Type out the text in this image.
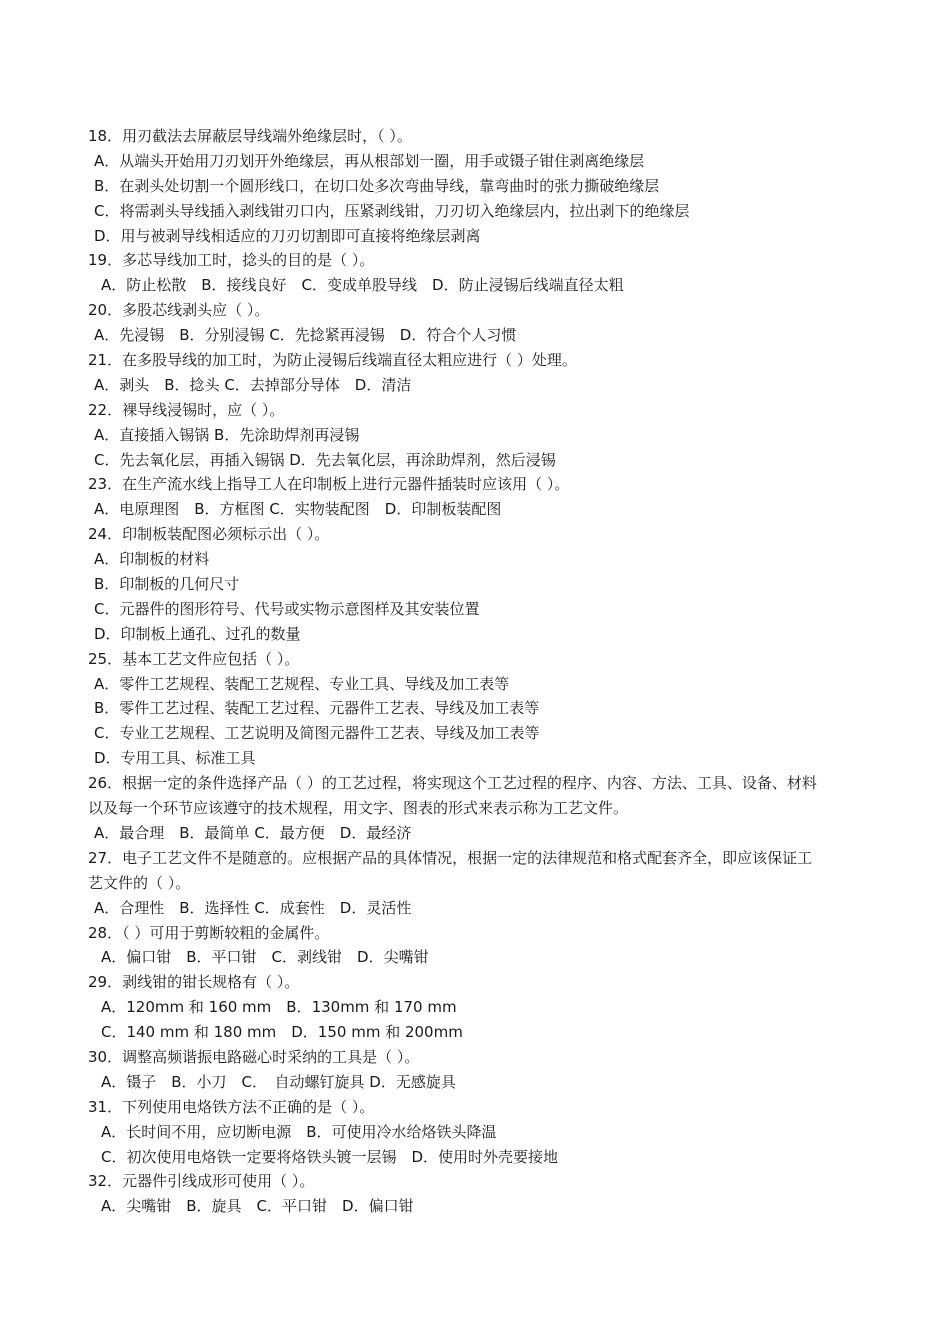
18．用刃截法去屏蔽层导线端外绝缘层时，（ ）。
A．从端头开始用刀刃划开外绝缘层，再从根部划一圈，用手或镊子钳住剥离绝缘层
B．在剥头处切割一个圆形线口，在切口处多次弯曲导线，靠弯曲时的张力撕破绝缘层
C．将需剥头导线插入剥线钳刃口内，压紧剥线钳，刀刃切入绝缘层内，拉出剥下的绝缘层
D．用与被剥导线相适应的刀刃切割即可直接将绝缘层剥离
19．多芯导线加工时，捻头的目的是（ ）。
A．防止松散　B．接线良好　C．变成单股导线　D．防止浸锡后线端直径太粗
20．多股芯线剥头应（ ）。
A．先浸锡　B．分别浸锡 C．先捻紧再浸锡　D．符合个人习惯
21．在多股导线的加工时，为防止浸锡后线端直径太粗应进行（ ）处理。
A．剥头　B．捻头 C．去掉部分导体　D．清洁
22．裸导线浸锡时，应（ ）。
A．直接插入锡锅 B．先涂助焊剂再浸锡
C．先去氧化层，再插入锡锅 D．先去氧化层，再涂助焊剂，然后浸锡
23．在生产流水线上指导工人在印制板上进行元器件插装时应该用（ ）。
A．电原理图　B．方框图 C．实物装配图　D．印制板装配图
24．印制板装配图必须标示出（ ）。
A．印制板的材料
B．印制板的几何尺寸
C．元器件的图形符号、代号或实物示意图样及其安装位置
D．印制板上通孔、过孔的数量
25．基本工艺文件应包括（ ）。
A．零件工艺规程、装配工艺规程、专业工具、导线及加工表等
B．零件工艺过程、装配工艺过程、元器件工艺表、导线及加工表等
C．专业工艺规程、工艺说明及简图元器件工艺表、导线及加工表等
D．专用工具、标准工具
26．根据一定的条件选择产品（ ）的工艺过程，将实现这个工艺过程的程序、内容、方法、工具、设备、材料
以及每一个环节应该遵守的技术规程，用文字、图表的形式来表示称为工艺文件。
A．最合理　B．最简单 C．最方便　D．最经济
27．电子工艺文件不是随意的。应根据产品的具体情况，根据一定的法律规范和格式配套齐全，即应该保证工
艺文件的（ ）。
A．合理性　B．选择性 C．成套性　D．灵活性
28．（ ）可用于剪断较粗的金属件。
A．偏口钳　B．平口钳　C．剥线钳　D．尖嘴钳
29．剥线钳的钳长规格有（ ）。
A．120mm 和 160 mm　B．130mm 和 170 mm
C．140 mm 和 180 mm　D．150 mm 和 200mm
30．调整高频谐振电路磁心时采纳的工具是（ ）。
A．镊子　B．小刀　C．　自动螺钉旋具 D．无感旋具
31．下列使用电烙铁方法不正确的是（ ）。
A．长时间不用，应切断电源　B．可使用冷水给烙铁头降温
C．初次使用电烙铁一定要将烙铁头镀一层锡　D．使用时外壳要接地
32．元器件引线成形可使用（ ）。
A．尖嘴钳　B．旋具　C．平口钳　D．偏口钳
